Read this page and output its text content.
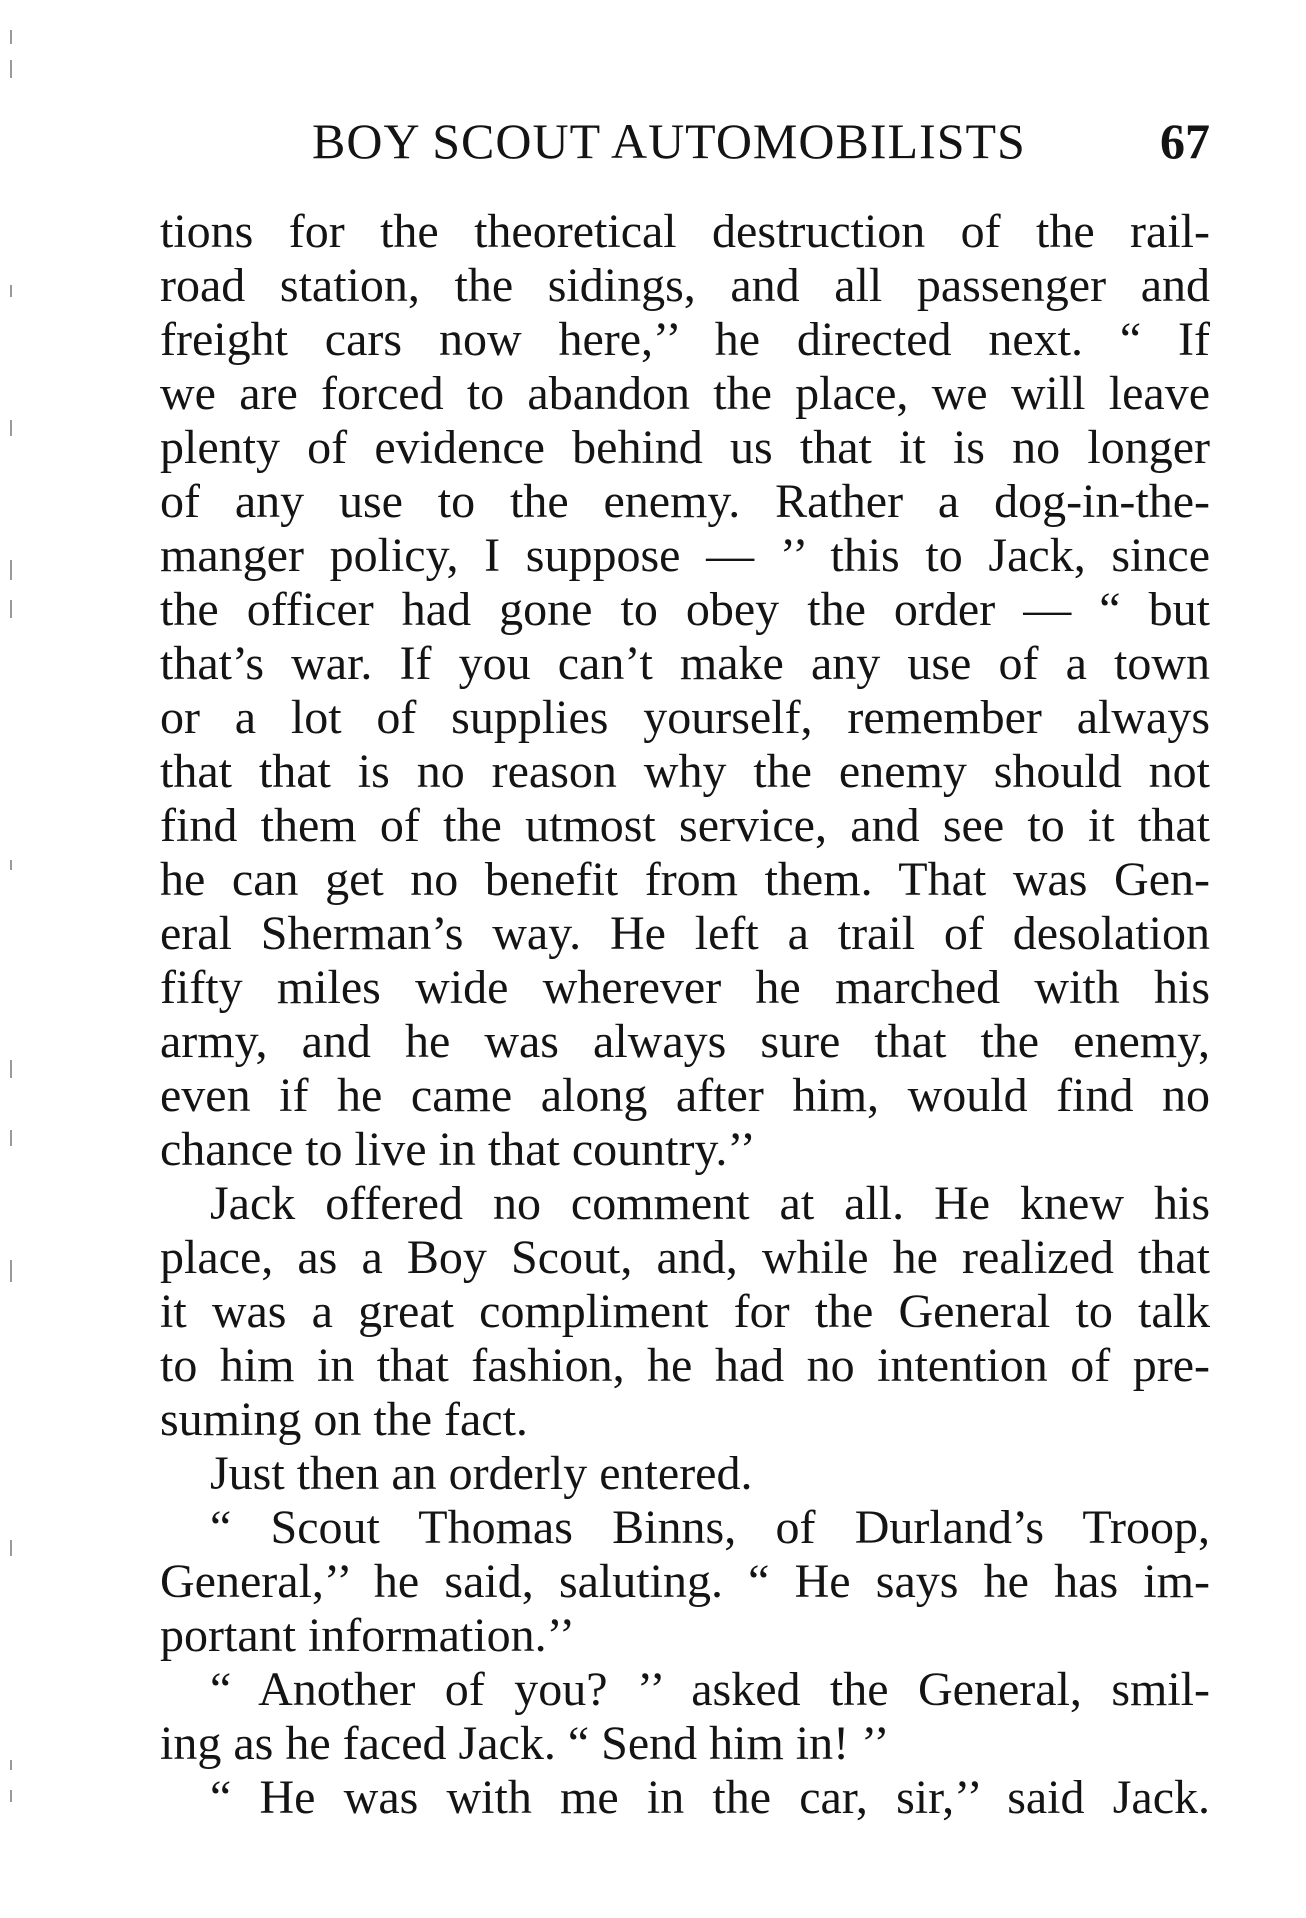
BOY SCOUT AUTOMOBILISTS	67
tions for the theoretical destruction of the rail-
road station, the sidings, and all passenger and
freight cars now here,’’ he directed next. “ If
we are forced to abandon the place, we will leave
plenty of evidence behind us that it is no longer
of any use to the enemy. Rather a dog-in-the-
manger policy, I suppose — ’’ this to Jack, since
the officer had gone to obey the order — “ but
that’s war. If you can’t make any use of a town
or a lot of supplies yourself, remember always
that that is no reason why the enemy should not
find them of the utmost service, and see to it that
he can get no benefit from them. That was Gen-
eral Sherman’s way. He left a trail of desolation
fifty miles wide wherever he marched with his
army, and he was always sure that the enemy,
even if he came along after him, would find no
chance to live in that country.’’
Jack offered no comment at all. He knew his
place, as a Boy Scout, and, while he realized that
it was a great compliment for the General to talk
to him in that fashion, he had no intention of pre-
suming on the fact.
Just then an orderly entered.
“ Scout Thomas Binns, of Durland’s Troop,
General,’’ he said, saluting. “ He says he has im-
portant information.’’
“ Another of you? ’’ asked the General, smil-
ing as he faced Jack. “ Send him in! ’’
“ He was with me in the car, sir,’’ said Jack.
